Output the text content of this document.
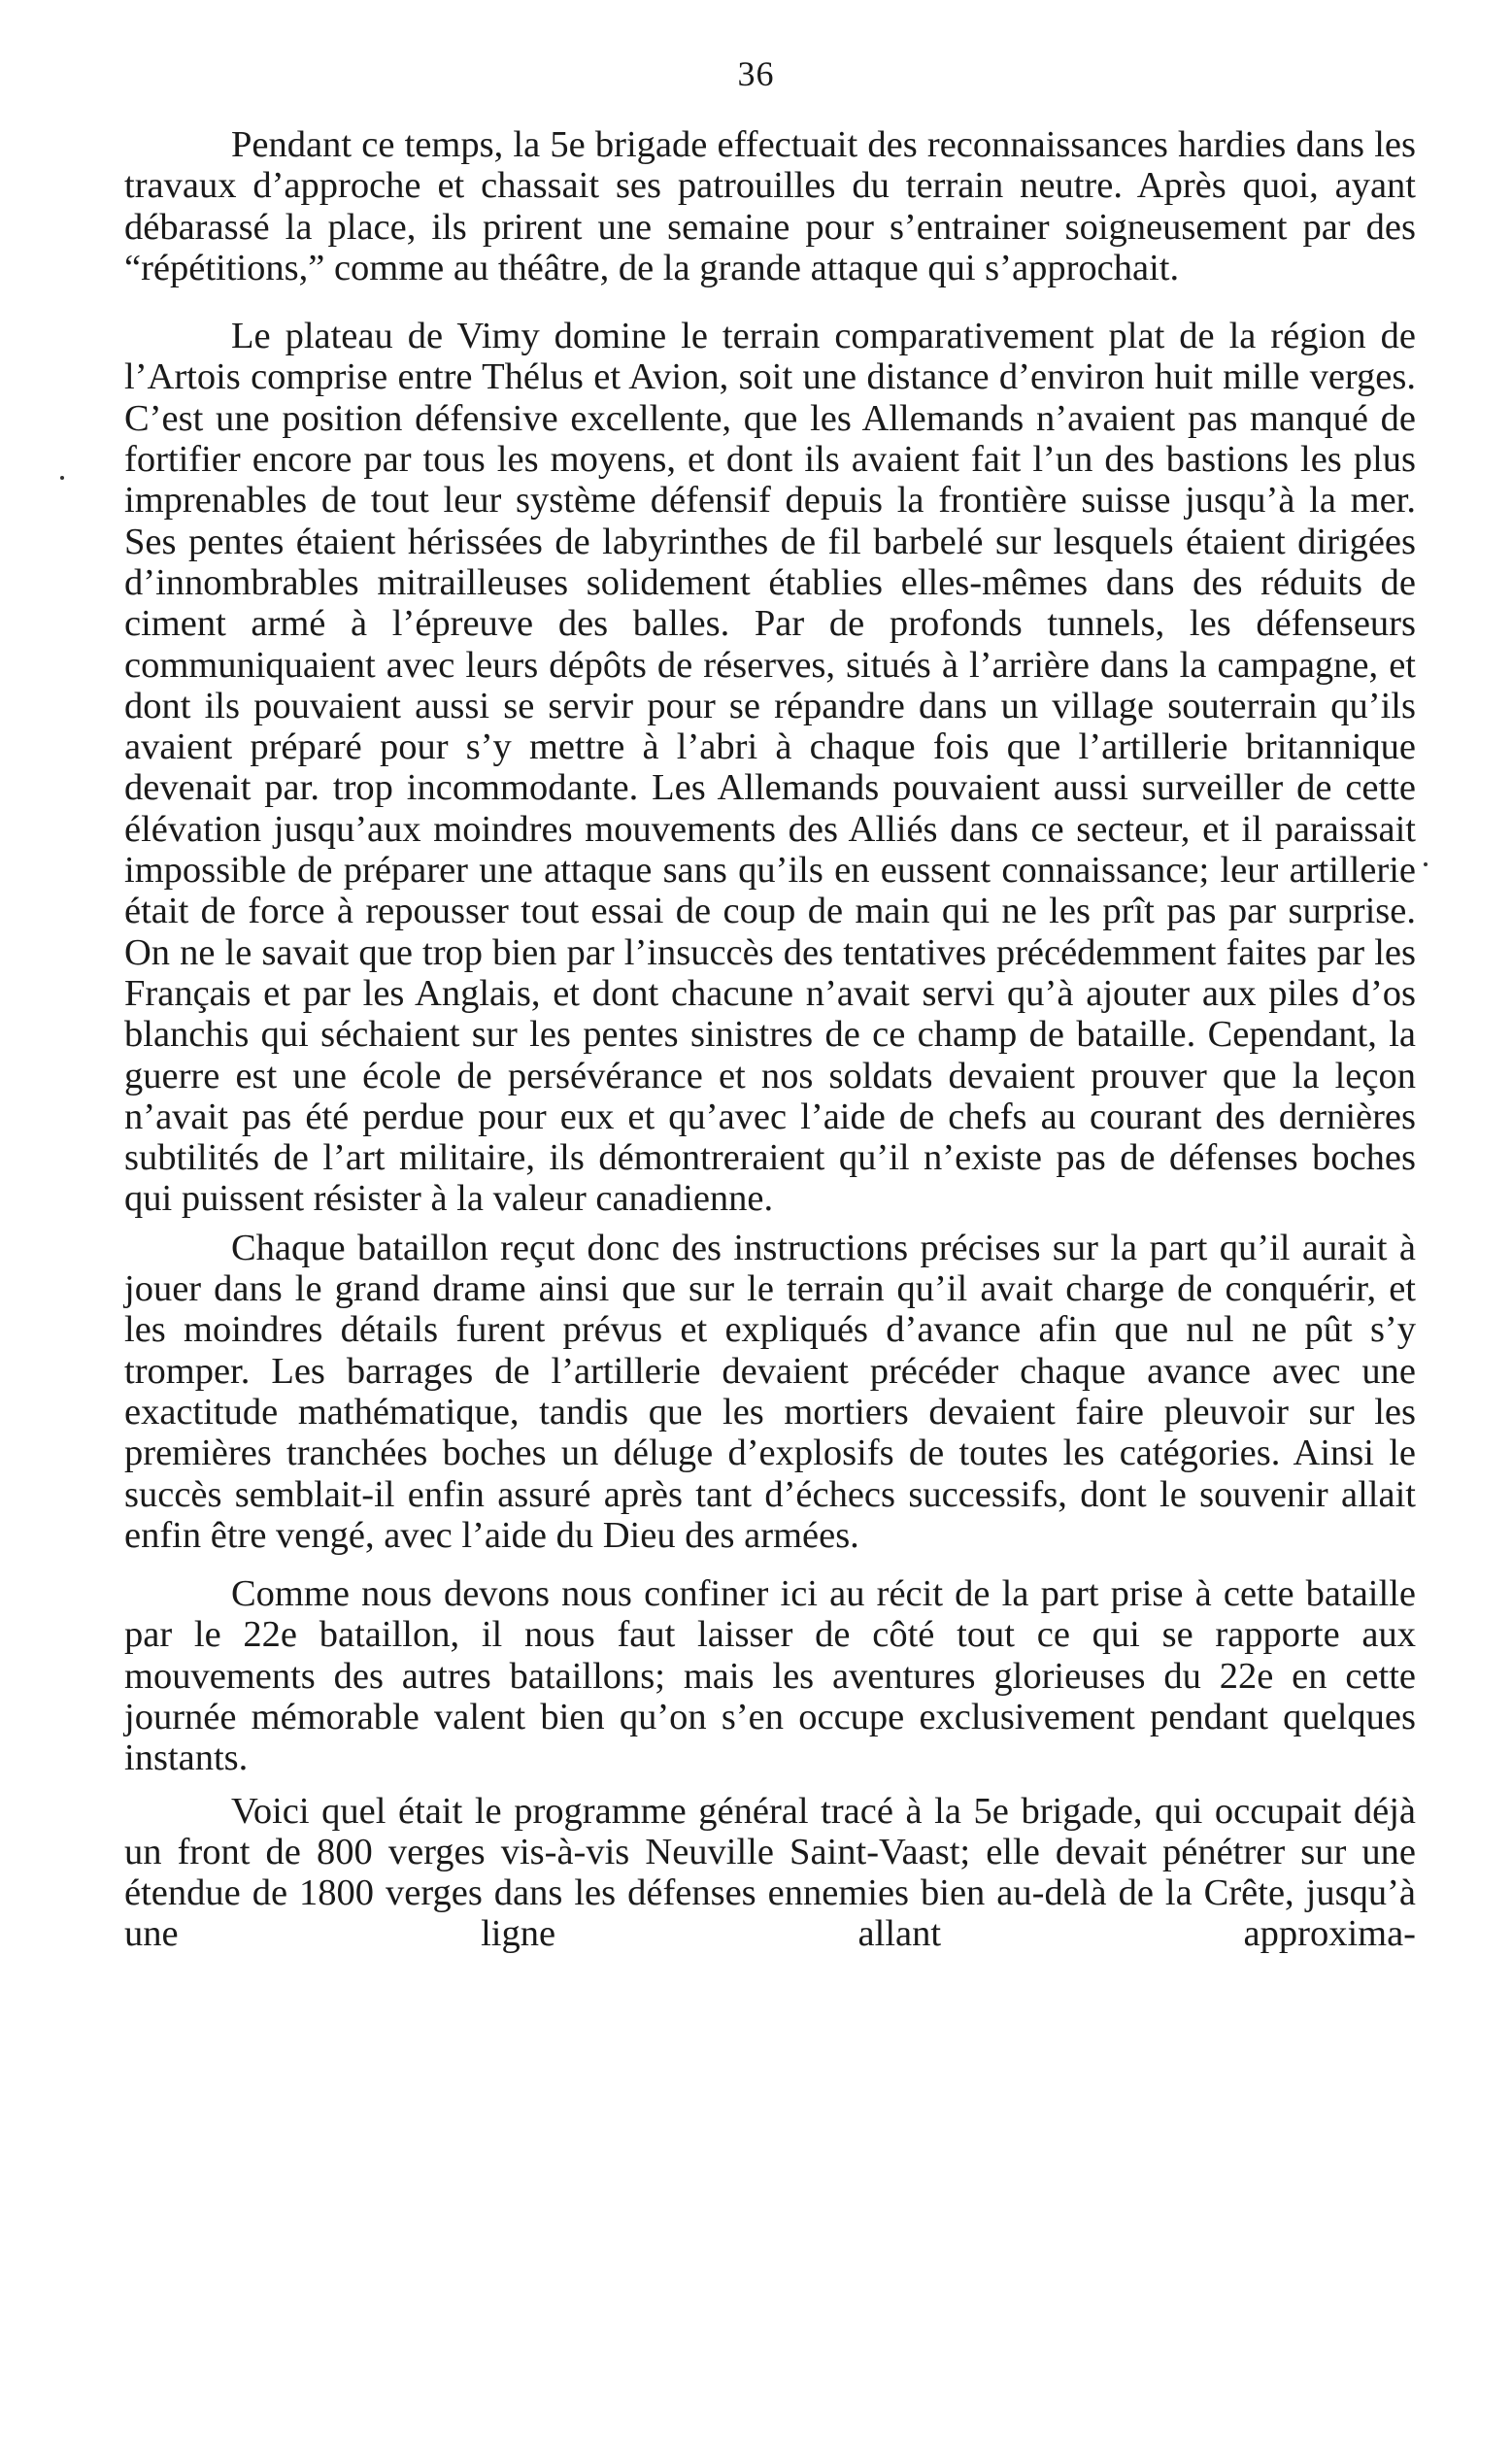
36

Pendant ce temps, la 5e brigade effectuait des reconnaissances hardies dans les travaux d’approche et chassait ses patrouilles du terrain neutre. Après quoi, ayant débarassé la place, ils prirent une semaine pour s’entrainer soigneusement par des “répétitions,” comme au théâtre, de la grande attaque qui s’approchait.

Le plateau de Vimy domine le terrain comparativement plat de la région de l’Artois comprise entre Thélus et Avion, soit une distance d’environ huit mille verges. C’est une position défensive excellente, que les Allemands n’avaient pas manqué de fortifier encore par tous les moyens, et dont ils avaient fait l’un des bastions les plus imprenables de tout leur système défensif depuis la frontière suisse jusqu’à la mer. Ses pentes étaient hérissées de labyrinthes de fil barbelé sur lesquels étaient dirigées d’innombrables mitrailleuses solidement établies elles-mêmes dans des réduits de ciment armé à l’épreuve des balles. Par de profonds tunnels, les défenseurs communiquaient avec leurs dépôts de réserves, situés à l’arrière dans la campagne, et dont ils pouvaient aussi se servir pour se répandre dans un village souterrain qu’ils avaient préparé pour s’y mettre à l’abri à chaque fois que l’artillerie britannique devenait par. trop incommodante. Les Allemands pouvaient aussi surveiller de cette élévation jusqu’aux moindres mouvements des Alliés dans ce secteur, et il paraissait impossible de préparer une attaque sans qu’ils en eussent connaissance; leur artillerie était de force à repousser tout essai de coup de main qui ne les prît pas par surprise. On ne le savait que trop bien par l’insuccès des tentatives précédemment faites par les Français et par les Anglais, et dont chacune n’avait servi qu’à ajouter aux piles d’os blanchis qui séchaient sur les pentes sinistres de ce champ de bataille. Cependant, la guerre est une école de persévérance et nos soldats devaient prouver que la leçon n’avait pas été perdue pour eux et qu’avec l’aide de chefs au courant des dernières subtilités de l’art militaire, ils démontreraient qu’il n’existe pas de défenses boches qui puissent résister à la valeur canadienne.

Chaque bataillon reçut donc des instructions précises sur la part qu’il aurait à jouer dans le grand drame ainsi que sur le terrain qu’il avait charge de conquérir, et les moindres détails furent prévus et expliqués d’avance afin que nul ne pût s’y tromper. Les barrages de l’artillerie devaient précéder chaque avance avec une exactitude mathématique, tandis que les mortiers devaient faire pleuvoir sur les premières tranchées boches un déluge d’explosifs de toutes les catégories. Ainsi le succès semblait-il enfin assuré après tant d’échecs successifs, dont le souvenir allait enfin être vengé, avec l’aide du Dieu des armées.

Comme nous devons nous confiner ici au récit de la part prise à cette bataille par le 22e bataillon, il nous faut laisser de côté tout ce qui se rapporte aux mouvements des autres bataillons; mais les aventures glorieuses du 22e en cette journée mémorable valent bien qu’on s’en occupe exclusivement pendant quelques instants.

Voici quel était le programme général tracé à la 5e brigade, qui occupait déjà un front de 800 verges vis-à-vis Neuville Saint-Vaast; elle devait pénétrer sur une étendue de 1800 verges dans les défenses ennemies bien au-delà de la Crête, jusqu’à une ligne allant approxima-
